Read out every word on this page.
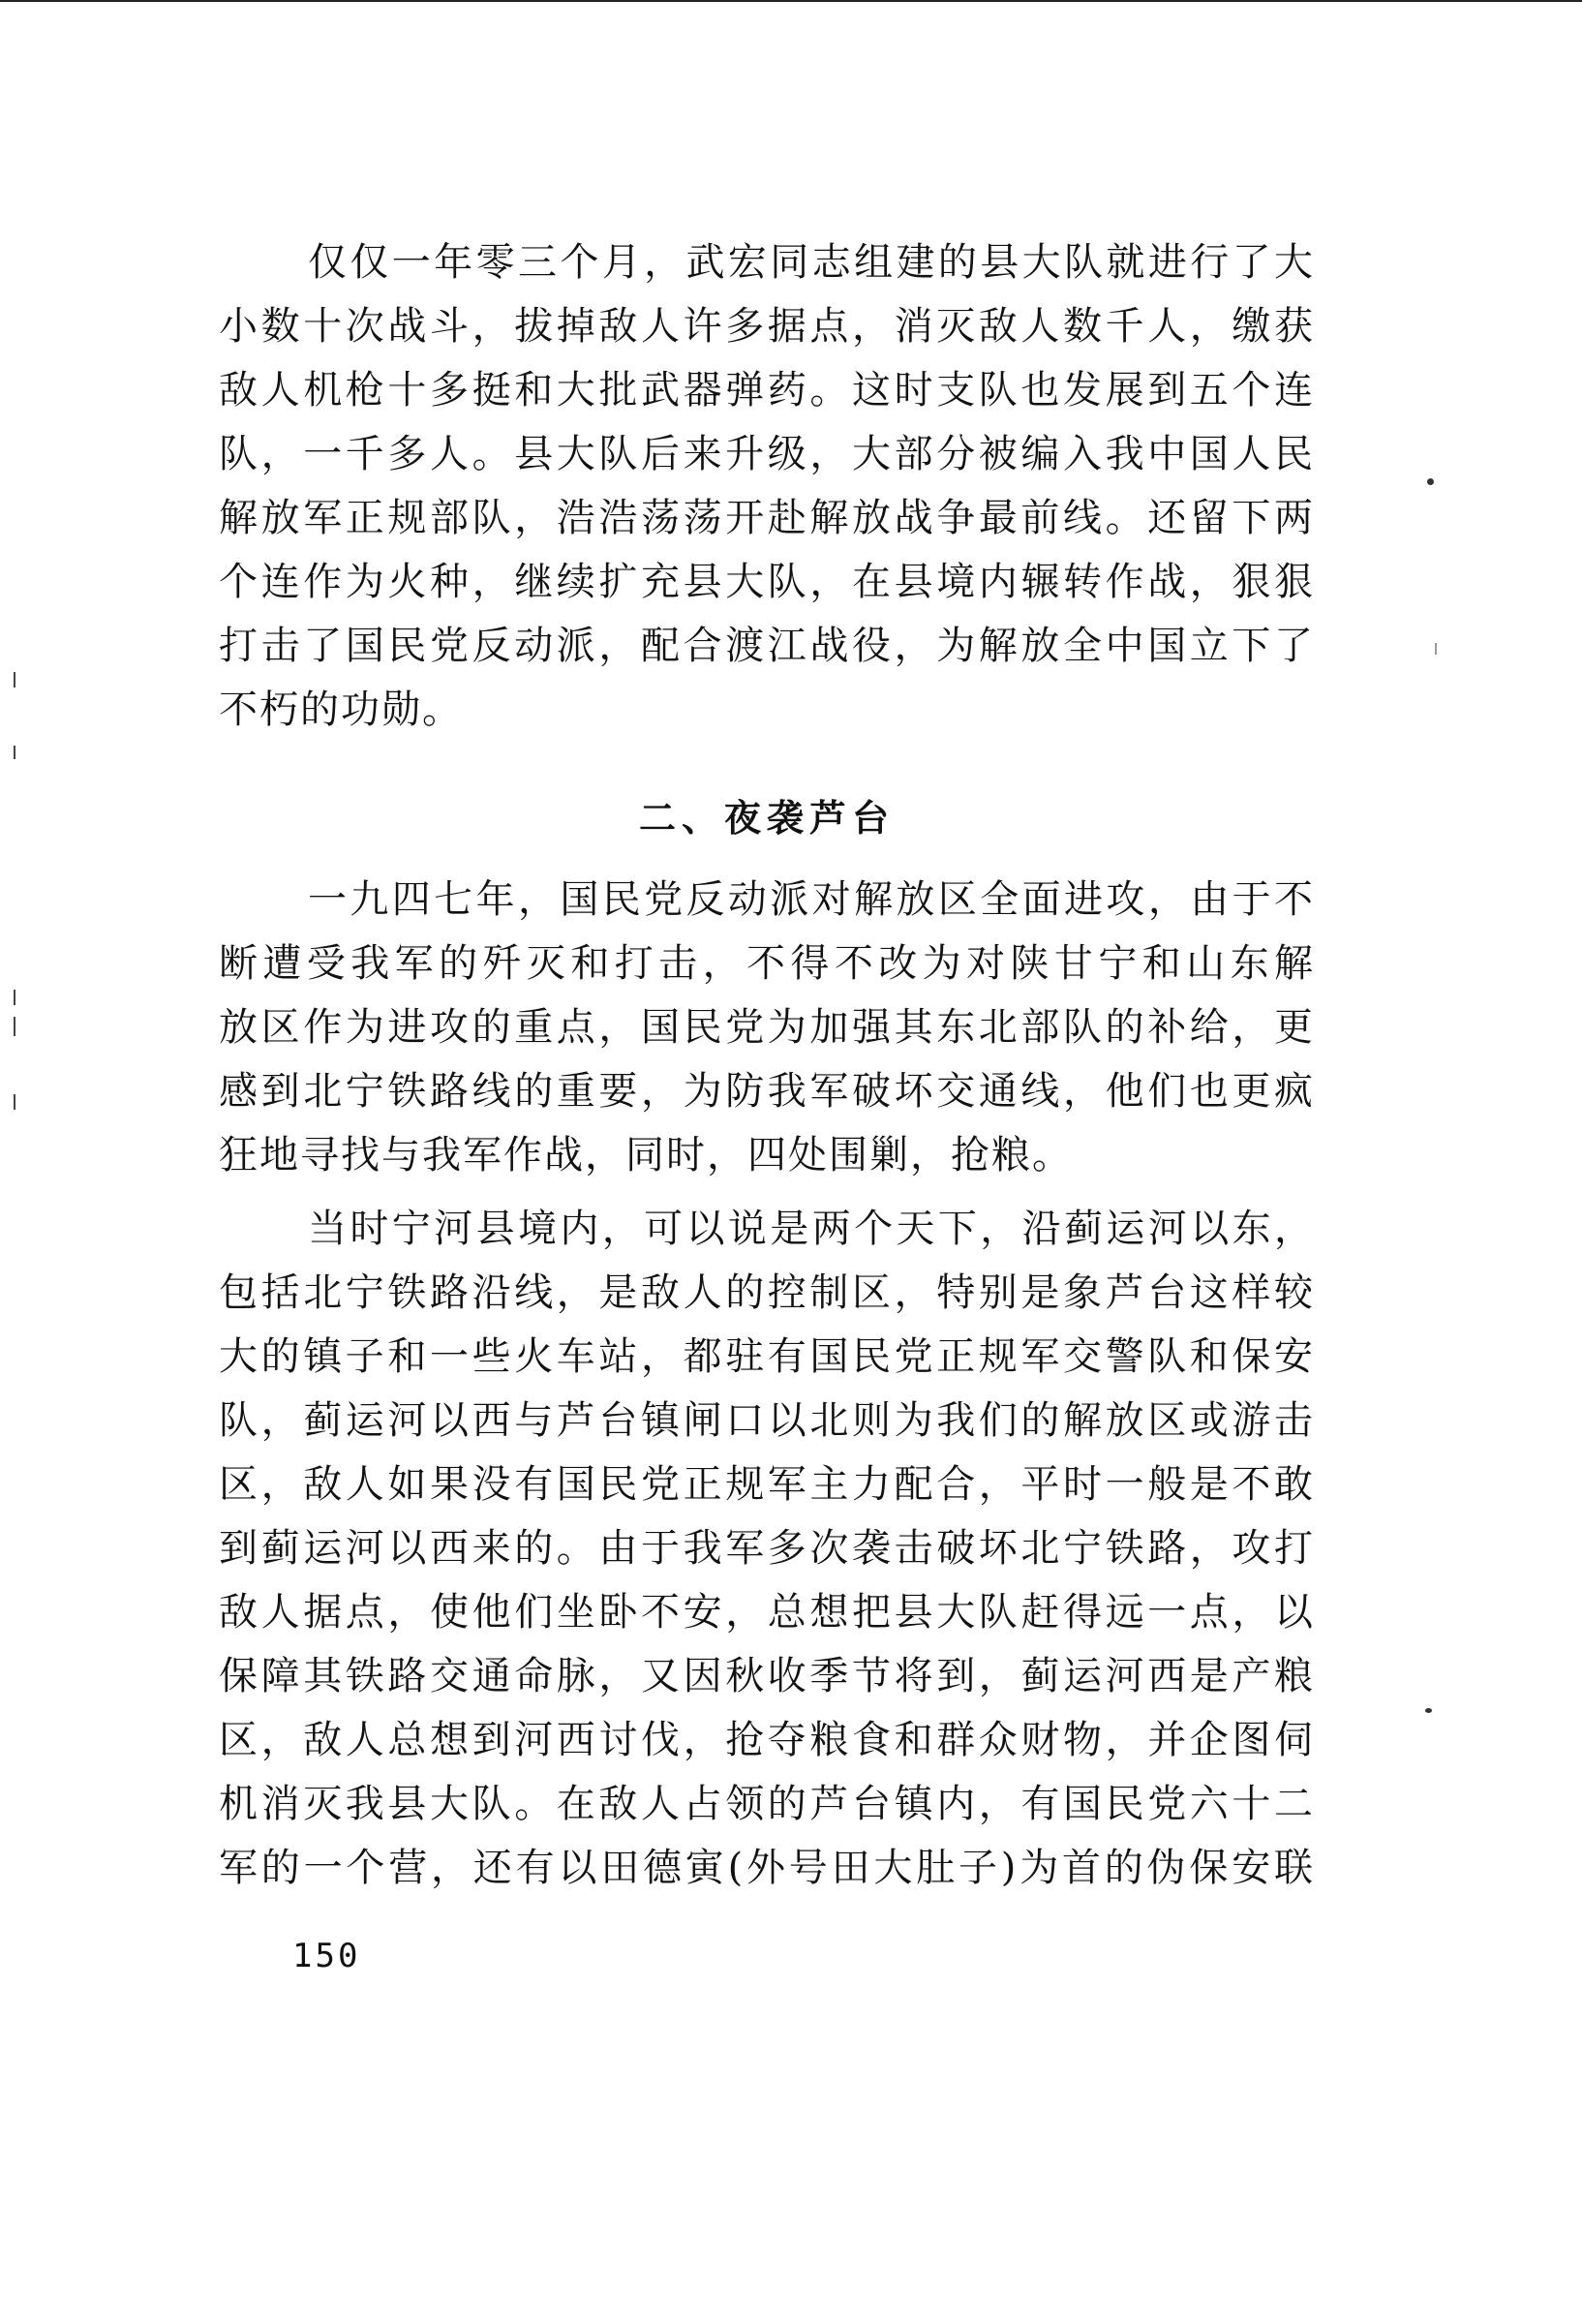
仅仅一年零三个月，武宏同志组建的县大队就进行了大
小数十次战斗，拔掉敌人许多据点，消灭敌人数千人，缴获
敌人机枪十多挺和大批武器弹药。这时支队也发展到五个连
队，一千多人。县大队后来升级，大部分被编入我中国人民
解放军正规部队，浩浩荡荡开赴解放战争最前线。还留下两
个连作为火种，继续扩充县大队，在县境内辗转作战，狠狠
打击了国民党反动派，配合渡江战役，为解放全中国立下了
不朽的功勋。
二、夜袭芦台
一九四七年，国民党反动派对解放区全面进攻，由于不
断遭受我军的歼灭和打击，不得不改为对陕甘宁和山东解
放区作为进攻的重点，国民党为加强其东北部队的补给，更
感到北宁铁路线的重要，为防我军破坏交通线，他们也更疯
狂地寻找与我军作战，同时，四处围剿，抢粮。
当时宁河县境内，可以说是两个天下，沿蓟运河以东，
包括北宁铁路沿线，是敌人的控制区，特别是象芦台这样较
大的镇子和一些火车站，都驻有国民党正规军交警队和保安
队，蓟运河以西与芦台镇闸口以北则为我们的解放区或游击
区，敌人如果没有国民党正规军主力配合，平时一般是不敢
到蓟运河以西来的。由于我军多次袭击破坏北宁铁路，攻打
敌人据点，使他们坐卧不安，总想把县大队赶得远一点，以
保障其铁路交通命脉，又因秋收季节将到，蓟运河西是产粮
区，敌人总想到河西讨伐，抢夺粮食和群众财物，并企图伺
机消灭我县大队。在敌人占领的芦台镇内，有国民党六十二
军的一个营，还有以田德寅(外号田大肚子)为首的伪保安联
150
